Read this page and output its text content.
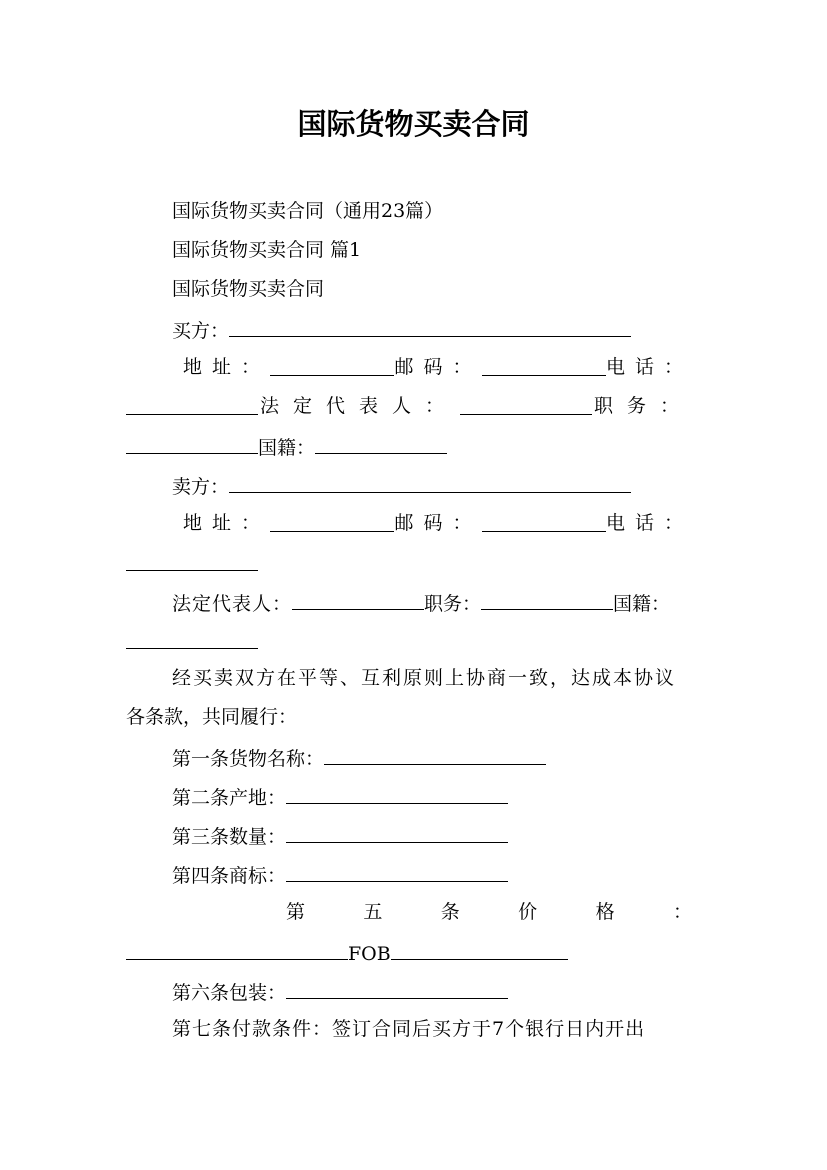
国际货物买卖合同
国际货物买卖合同（通用23篇）
国际货物买卖合同 篇1
国际货物买卖合同
买方：
地址：	邮码：	电话：
法定代表人：	职务：
国籍：
卖方：
地址：	邮码：	电话：
法定代表人：	职务：	国籍：
经买卖双方在平等、互利原则上协商一致，达成本协议
各条款，共同履行：
第一条货物名称：
第二条产地：
第三条数量：
第四条商标：
第	五	条	价	格	：
FOB
第六条包装：
第七条付款条件：签订合同后买方于7个银行日内开出
